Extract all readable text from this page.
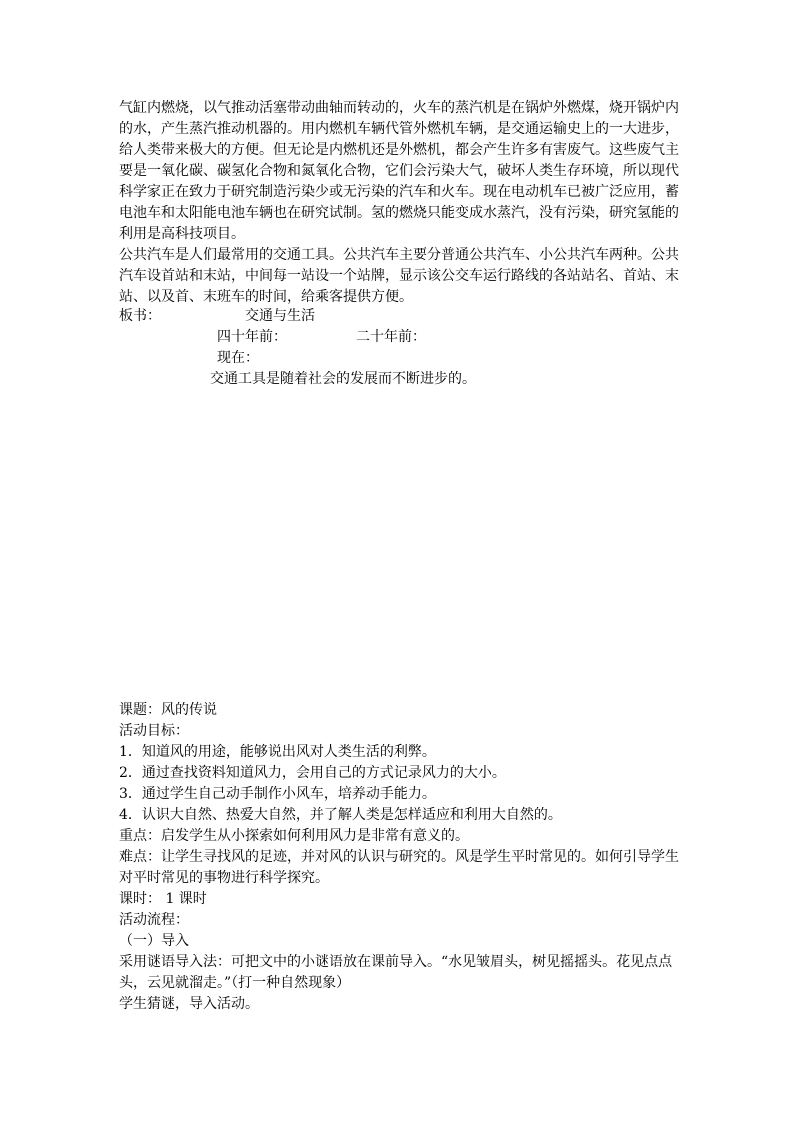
气缸内燃烧，以气推动活塞带动曲轴而转动的，火车的蒸汽机是在锅炉外燃煤，烧开锅炉内的水，产生蒸汽推动机器的。用内燃机车辆代管外燃机车辆，是交通运输史上的一大进步，给人类带来极大的方便。但无论是内燃机还是外燃机，都会产生许多有害废气。这些废气主要是一氧化碳、碳氢化合物和氮氧化合物，它们会污染大气，破坏人类生存环境，所以现代科学家正在致力于研究制造污染少或无污染的汽车和火车。现在电动机车已被广泛应用，蓄电池车和太阳能电池车辆也在研究试制。氢的燃烧只能变成水蒸汽，没有污染，研究氢能的利用是高科技项目。

公共汽车是人们最常用的交通工具。公共汽车主要分普通公共汽车、小公共汽车两种。公共汽车设首站和末站，中间每一站设一个站牌，显示该公交车运行路线的各站站名、首站、末站、以及首、末班车的时间，给乘客提供方便。

板书：	交通与生活
四十年前：	二十年前：
现在：
交通工具是随着社会的发展而不断进步的。

课题：风的传说

活动目标：

1．知道风的用途，能够说出风对人类生活的利弊。

2．通过查找资料知道风力，会用自己的方式记录风力的大小。

3．通过学生自己动手制作小风车，培养动手能力。

4．认识大自然、热爱大自然，并了解人类是怎样适应和利用大自然的。

重点：启发学生从小探索如何利用风力是非常有意义的。

难点：让学生寻找风的足迹，并对风的认识与研究的。风是学生平时常见的。如何引导学生对平时常见的事物进行科学探究。

课时： 1 课时

活动流程：

（一）导入

采用谜语导入法：可把文中的小谜语放在课前导入。“水见皱眉头，树见摇摇头。花见点点头，云见就溜走。”（打一种自然现象）

学生猜谜，导入活动。
